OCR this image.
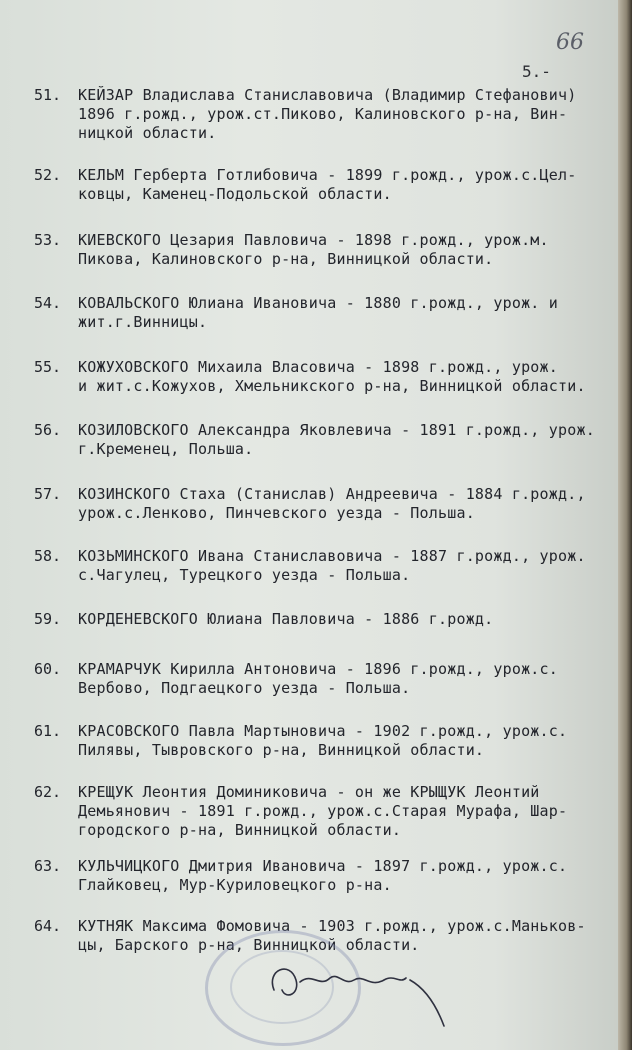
66
5.-
51.	КЕЙЗАР Владислава Станиславовича (Владимир Стефанович)
1896 г.рожд., урож.ст.Пиково, Калиновского р-на, Вин-
ницкой области.
52.	КЕЛЬМ Герберта Готлибовича - 1899 г.рожд., урож.с.Цел-
ковцы, Каменец-Подольской области.
53.	КИЕВСКОГО Цезария Павловича - 1898 г.рожд., урож.м.
Пикова, Калиновского р-на, Винницкой области.
54.	КОВАЛЬСКОГО Юлиана Ивановича - 1880 г.рожд., урож. и
жит.г.Винницы.
55.	КОЖУХОВСКОГО Михаила Власовича - 1898 г.рожд., урож.
и жит.с.Кожухов, Хмельникского р-на, Винницкой области.
56.	КОЗИЛОВСКОГО Александра Яковлевича - 1891 г.рожд., урож.
г.Кременец, Польша.
57.	КОЗИНСКОГО Стаха (Станислав) Андреевича - 1884 г.рожд.,
урож.с.Ленково, Пинчевского уезда - Польша.
58.	КОЗЬМИНСКОГО Ивана Станиславовича - 1887 г.рожд., урож.
с.Чагулец, Турецкого уезда - Польша.
59.	КОРДЕНЕВСКОГО Юлиана Павловича - 1886 г.рожд.
60.	КРАМАРЧУК Кирилла Антоновича - 1896 г.рожд., урож.с.
Вербово, Подгаецкого уезда - Польша.
61.	КРАСОВСКОГО Павла Мартыновича - 1902 г.рожд., урож.с.
Пилявы, Тывровского р-на, Винницкой области.
62.	КРЕЩУК Леонтия Доминиковича - он же КРЫЩУК Леонтий
Демьянович - 1891 г.рожд., урож.с.Старая Мурафа, Шар-
городского р-на, Винницкой области.
63.	КУЛЬЧИЦКОГО Дмитрия Ивановича - 1897 г.рожд., урож.с.
Глайковец, Мур-Куриловецкого р-на.
64.	КУТНЯК Максима Фомовича - 1903 г.рожд., урож.с.Маньков-
цы, Барского р-на, Винницкой области.
